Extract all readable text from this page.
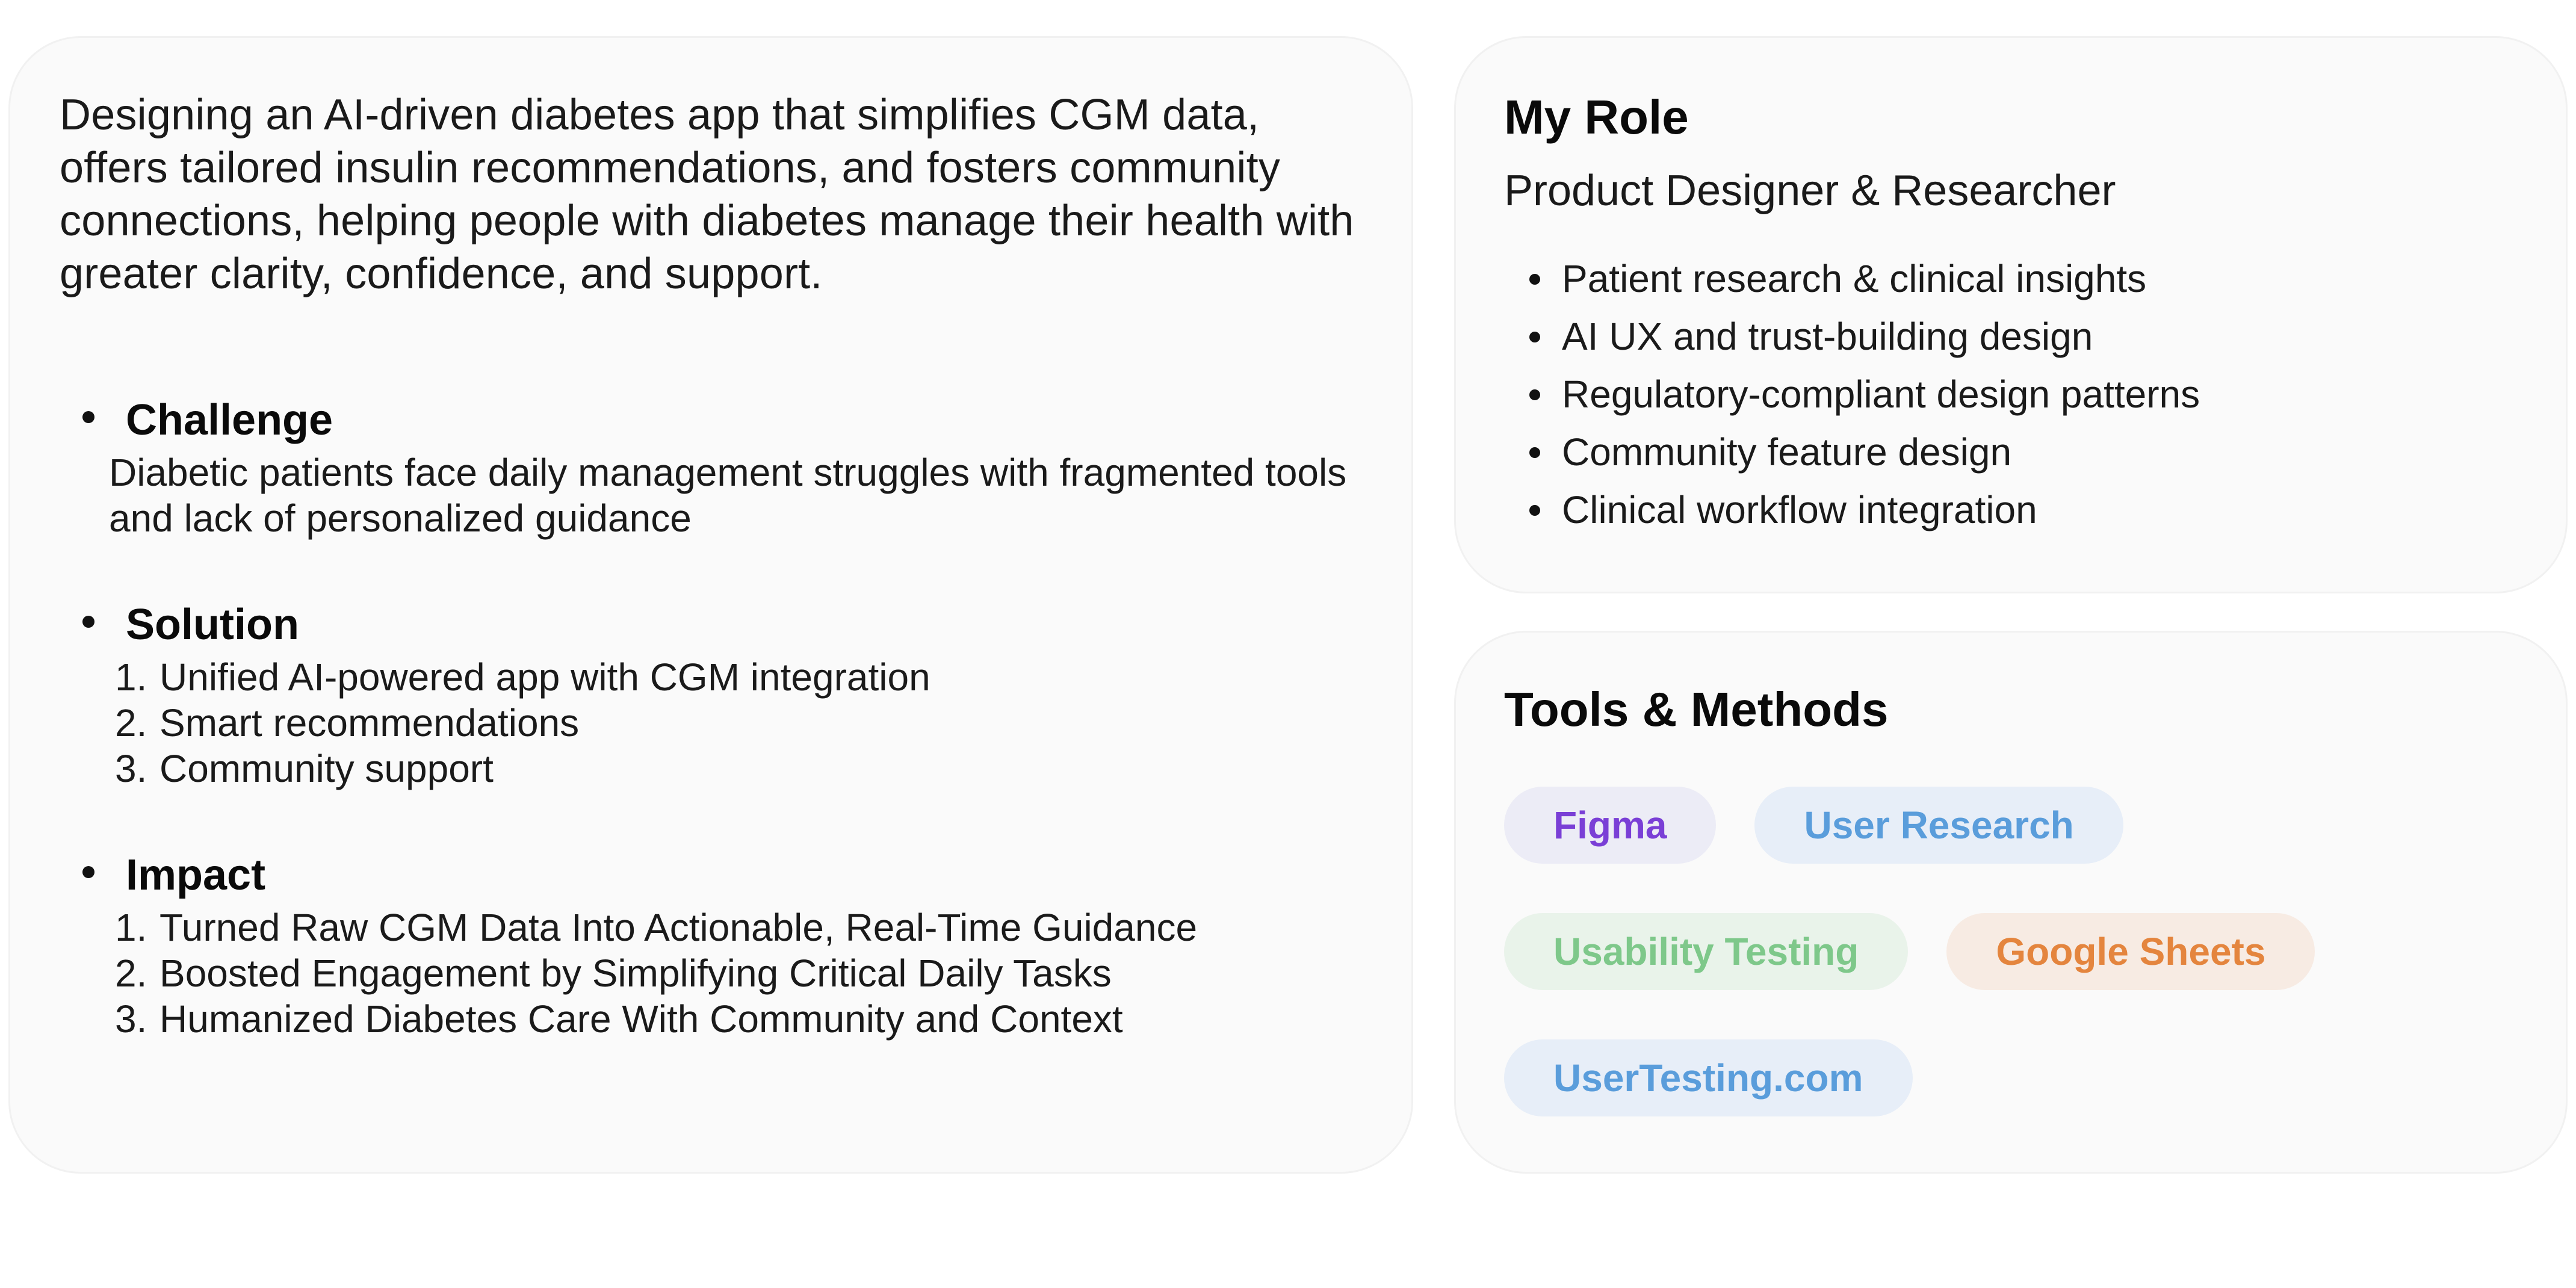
Designing an AI-driven diabetes app that simplifies CGM data, offers tailored insulin recommendations, and fosters community connections, helping people with diabetes manage their health with greater clarity, confidence, and support.

Challenge

Diabetic patients face daily management struggles with fragmented tools and lack of personalized guidance

Solution
1. Unified AI-powered app with CGM integration
2. Smart recommendations
3. Community support
Impact
1. Turned Raw CGM Data Into Actionable, Real-Time Guidance
2. Boosted Engagement by Simplifying Critical Daily Tasks
3. Humanized Diabetes Care With Community and Context
My Role

Product Designer & Researcher

Patient research & clinical insights
AI UX and trust-building design
Regulatory-compliant design patterns
Community feature design
Clinical workflow integration
Tools & Methods
Figma	User Research
Usability Testing	Google Sheets
UserTesting.com
